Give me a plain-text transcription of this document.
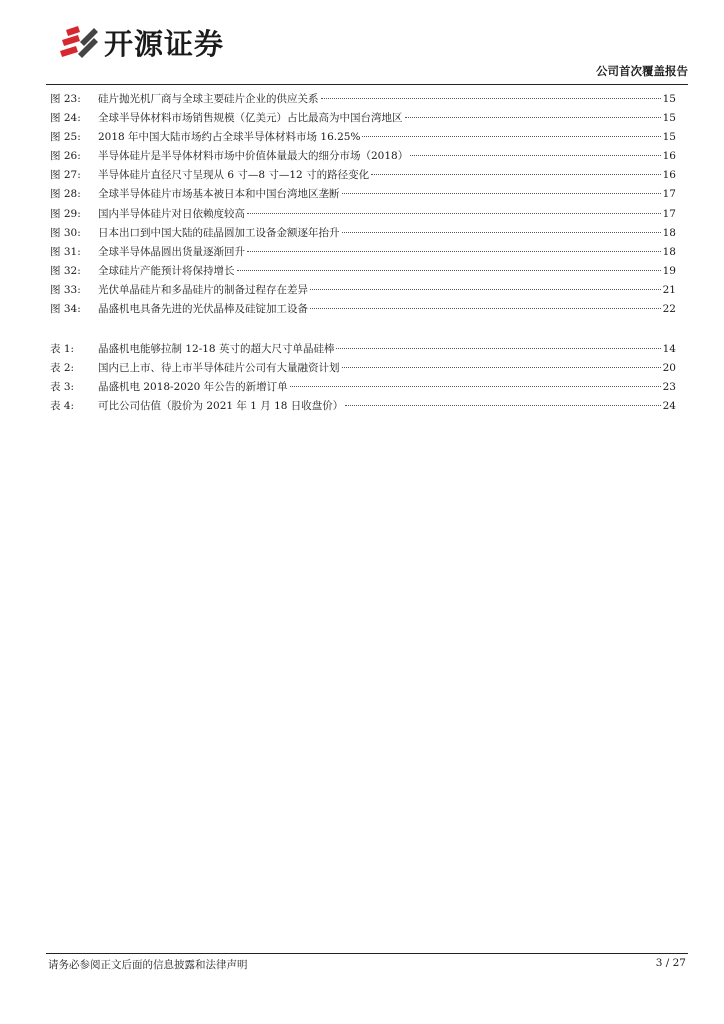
开源证券
公司首次覆盖报告
图 23:	硅片抛光机厂商与全球主要硅片企业的供应关系	15
图 24:	全球半导体材料市场销售规模（亿美元）占比最高为中国台湾地区	15
图 25:	2018 年中国大陆市场约占全球半导体材料市场 16.25%	15
图 26:	半导体硅片是半导体材料市场中价值体量最大的细分市场（2018）	16
图 27:	半导体硅片直径尺寸呈现从 6 寸—8 寸—12 寸的路径变化	16
图 28:	全球半导体硅片市场基本被日本和中国台湾地区垄断	17
图 29:	国内半导体硅片对日依赖度较高	17
图 30:	日本出口到中国大陆的硅晶圆加工设备金额逐年抬升	18
图 31:	全球半导体晶圆出货量逐渐回升	18
图 32:	全球硅片产能预计将保持增长	19
图 33:	光伏单晶硅片和多晶硅片的制备过程存在差异	21
图 34:	晶盛机电具备先进的光伏晶棒及硅锭加工设备	22
表 1:	晶盛机电能够拉制 12-18 英寸的超大尺寸单晶硅棒	14
表 2:	国内已上市、待上市半导体硅片公司有大量融资计划	20
表 3:	晶盛机电 2018-2020 年公告的新增订单	23
表 4:	可比公司估值（股价为 2021 年 1 月 18 日收盘价）	24
请务必参阅正文后面的信息披露和法律声明	3 / 27
